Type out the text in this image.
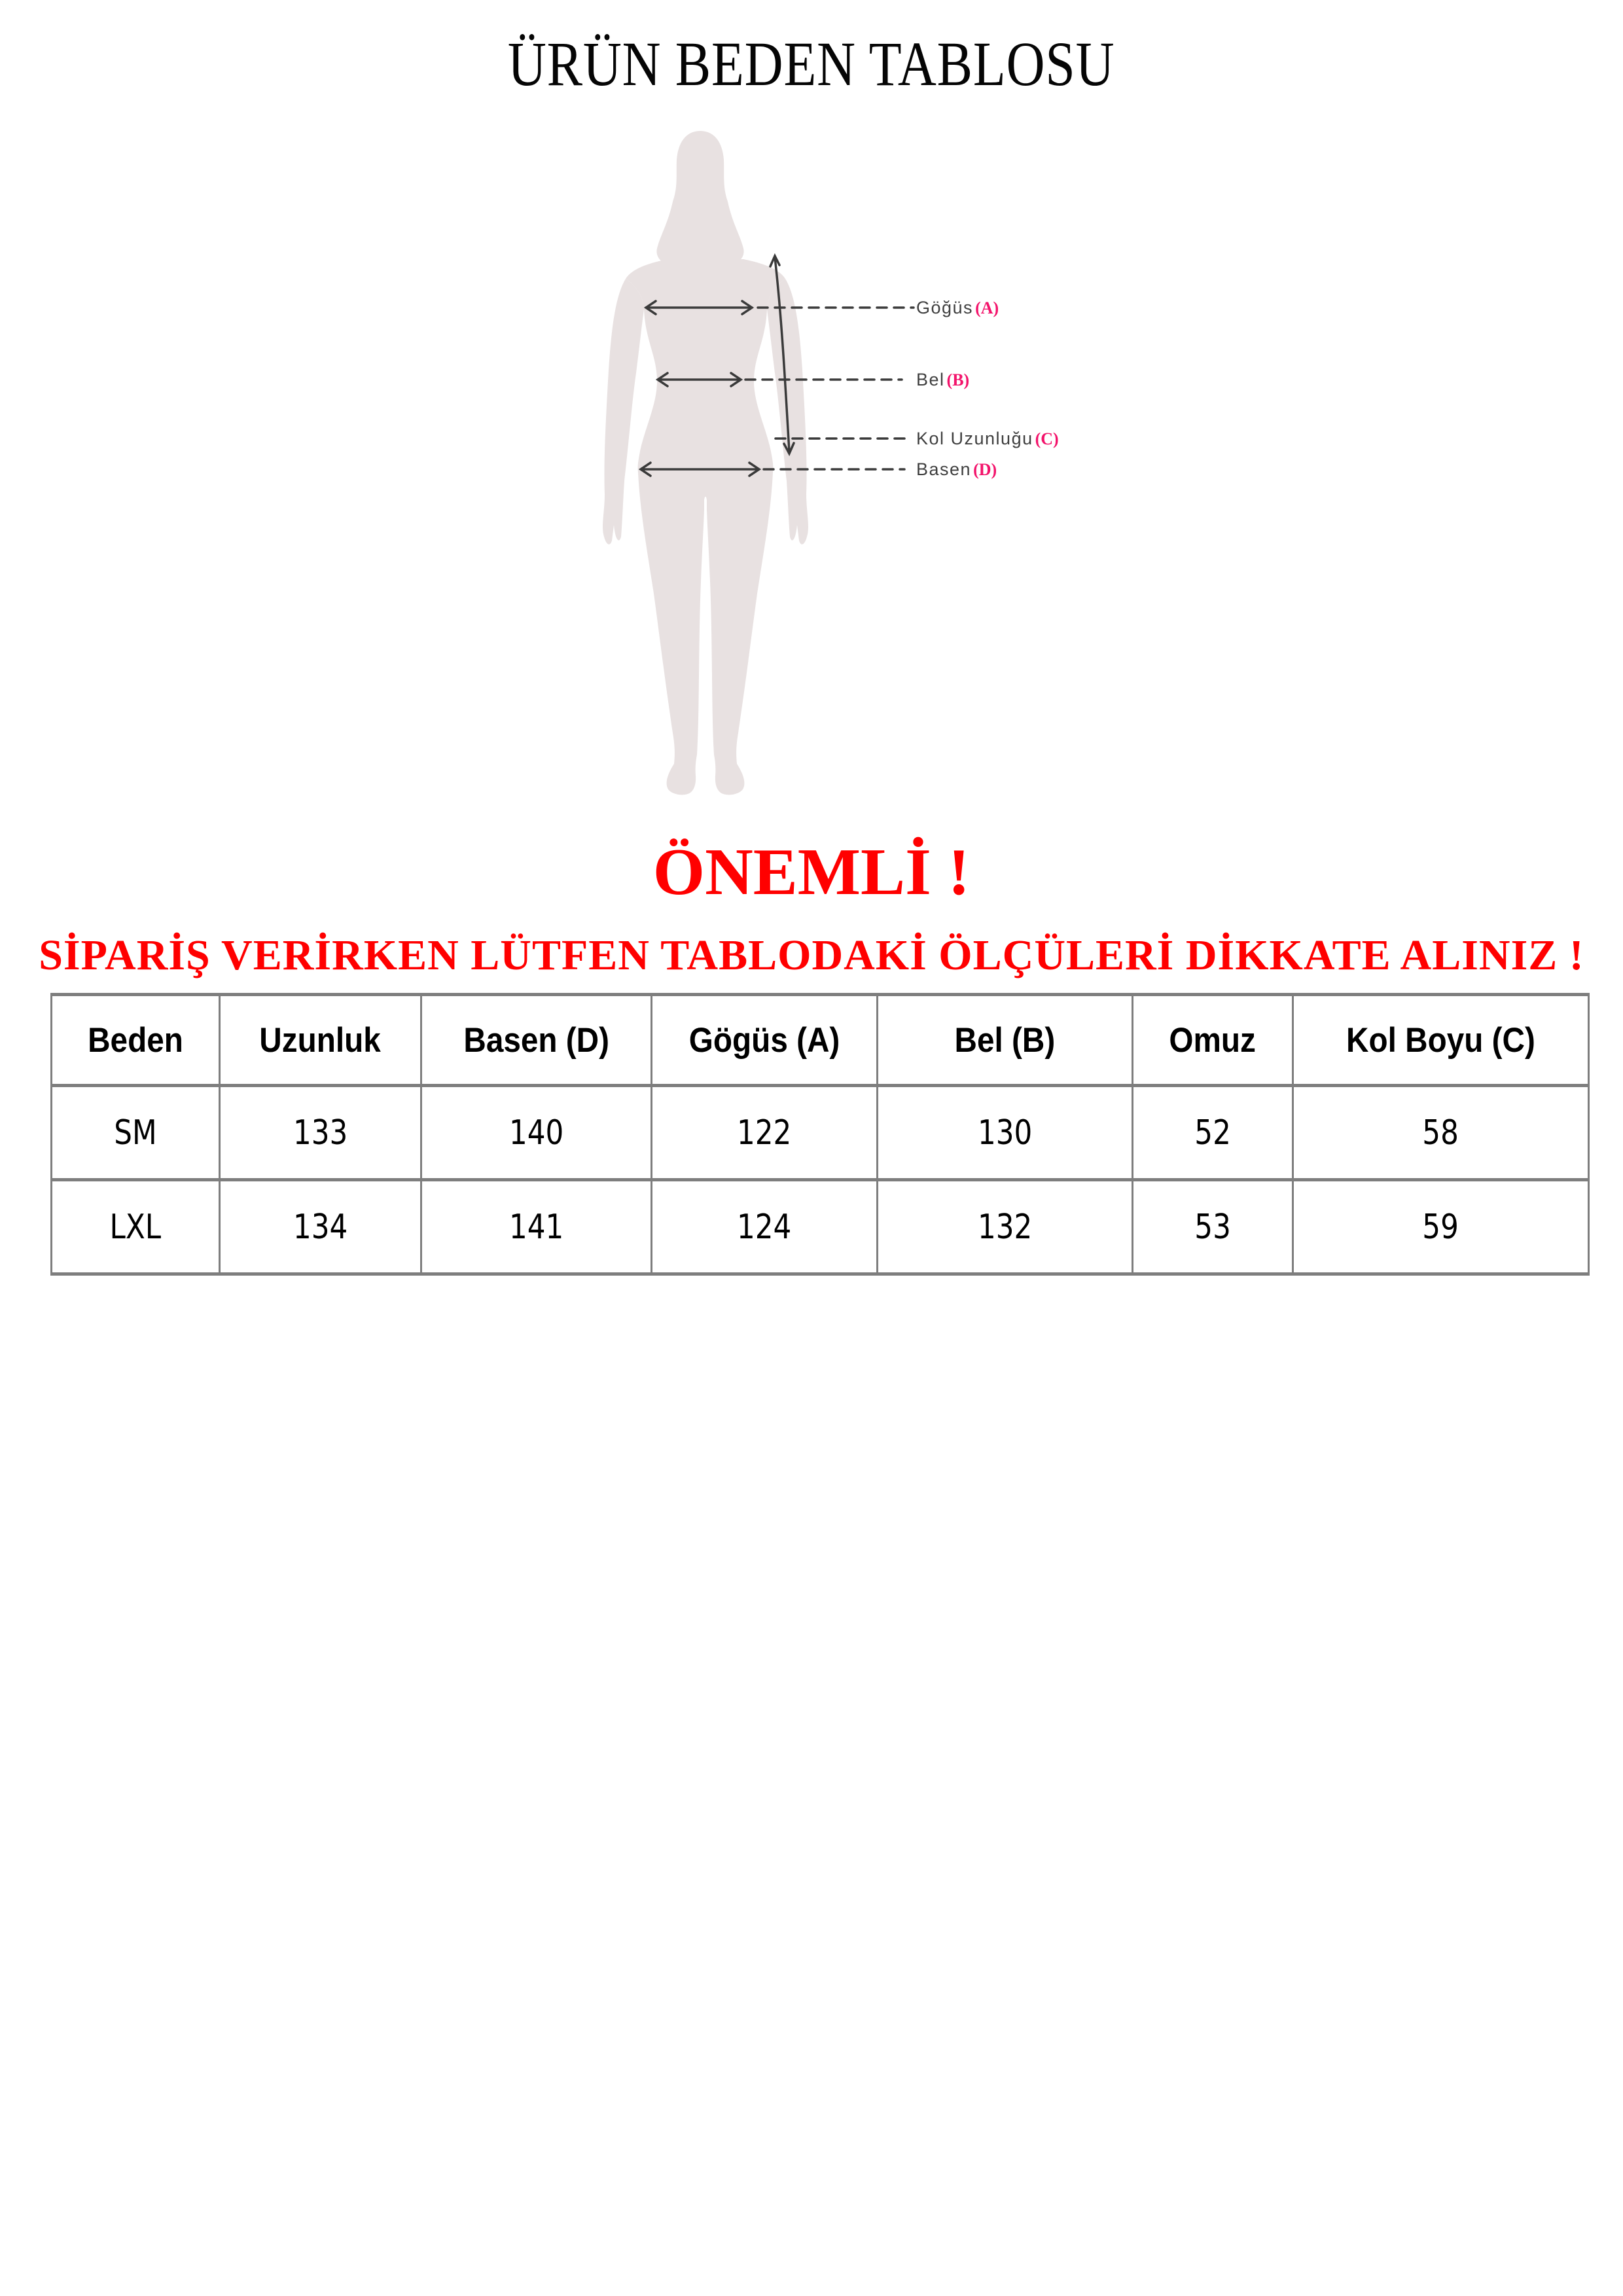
ÜRÜN BEDEN TABLOSU
Göğüs (A)
Bel (B)
Kol Uzunluğu (C)
Basen (D)
ÖNEMLİ !
SİPARİŞ VERİRKEN LÜTFEN TABLODAKİ ÖLÇÜLERİ DİKKATE ALINIZ !
Beden	Uzunluk	Basen (D)	Gögüs (A)	Bel (B)	Omuz	Kol Boyu (C)
SM	133	140	122	130	52	58
LXL	134	141	124	132	53	59
